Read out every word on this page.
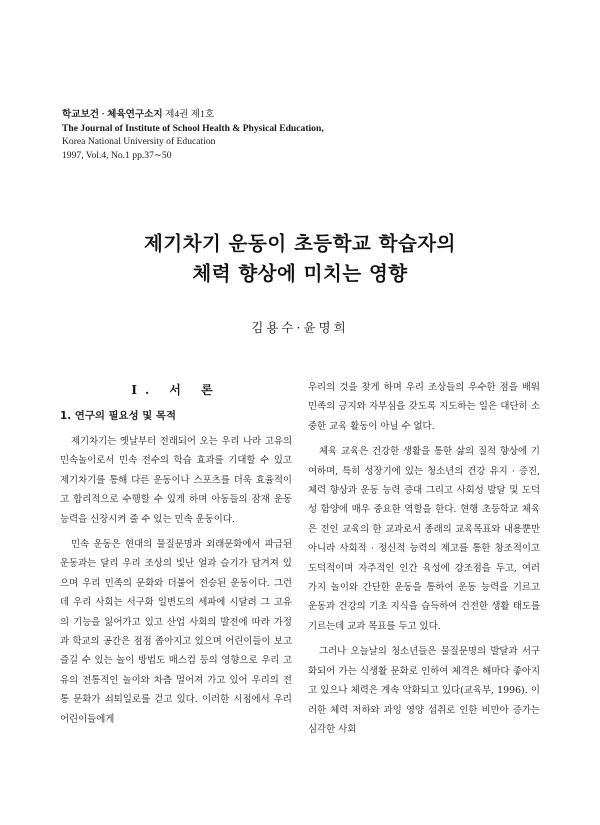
학교보건 · 체육연구소지 제4권 제1호
The Journal of Institute of School Health & Physical Education,
Korea National University of Education
1997, Vol.4, No.1 pp.37∼50
제기차기 운동이 초등학교 학습자의
체력 향상에 미치는 영향
김용수·윤명희
I. 서 론
1. 연구의 필요성 및 목적

제기차기는 옛날부터 전래되어 오는 우리 나라 고유의 민속놀이로서 민속 전수의 학습 효과를 기대할 수 있고 제기차기를 통해 다른 운동이나 스포츠를 더욱 효율적이고 합리적으로 수행할 수 있게 하며 아동들의 잠재 운동 능력을 신장시켜 줄 수 있는 민속 운동이다.

민속 운동은 현대의 물질문명과 외래문화에서 파급된 운동과는 달리 우리 조상의 빛난 얼과 슬기가 담겨져 있으며 우리 민족의 문화와 더불어 전승된 운동이다. 그런데 우리 사회는 서구화 일변도의 세파에 시달려 그 고유의 기능을 잃어가고 있고 산업 사회의 발전에 따라 가정과 학교의 공간은 점점 좁아지고 있으며 어린이들이 보고 즐길 수 있는 놀이 방법도 매스컴 등의 영향으로 우리 고유의 전통적인 놀이와 차츰 멀어져 가고 있어 우리의 전통 문화가 쇠퇴일로를 걷고 있다. 이러한 시점에서 우리 어린이들에게

우리의 것을 찾게 하며 우리 조상들의 우수한 점을 배워 민족의 긍지와 자부심을 갖도록 지도하는 일은 대단히 소중한 교육 활동이 아닐 수 없다.

체육 교육은 건강한 생활을 통한 삶의 질적 향상에 기여하며, 특히 성장기에 있는 청소년의 건강 유지 · 증진, 체력 향상과 운동 능력 증대 그리고 사회성 발달 및 도덕성 함양에 매우 중요한 역할을 한다. 현행 초등학교 체육은 전인 교육의 한 교과로서 종래의 교육목표와 내용뿐만 아니라 사회적 · 정신적 능력의 제고를 통한 창조적이고 도덕적이며 자주적인 인간 육성에 강조점을 두고, 여러 가지 놀이와 간단한 운동을 통하여 운동 능력을 기르고 운동과 건강의 기초 지식을 습득하여 건전한 생활 태도를 기르는데 교과 목표를 두고 있다.

그러나 오늘날의 청소년들은 물질문명의 발달과 서구화되어 가는 식생활 문화로 인하여 체격은 해마다 좋아지고 있으나 체력은 계속 악화되고 있다(교육부, 1996). 이러한 체력 저하와 과잉 영양 섭취로 인한 비만아 증가는 심각한 사회
